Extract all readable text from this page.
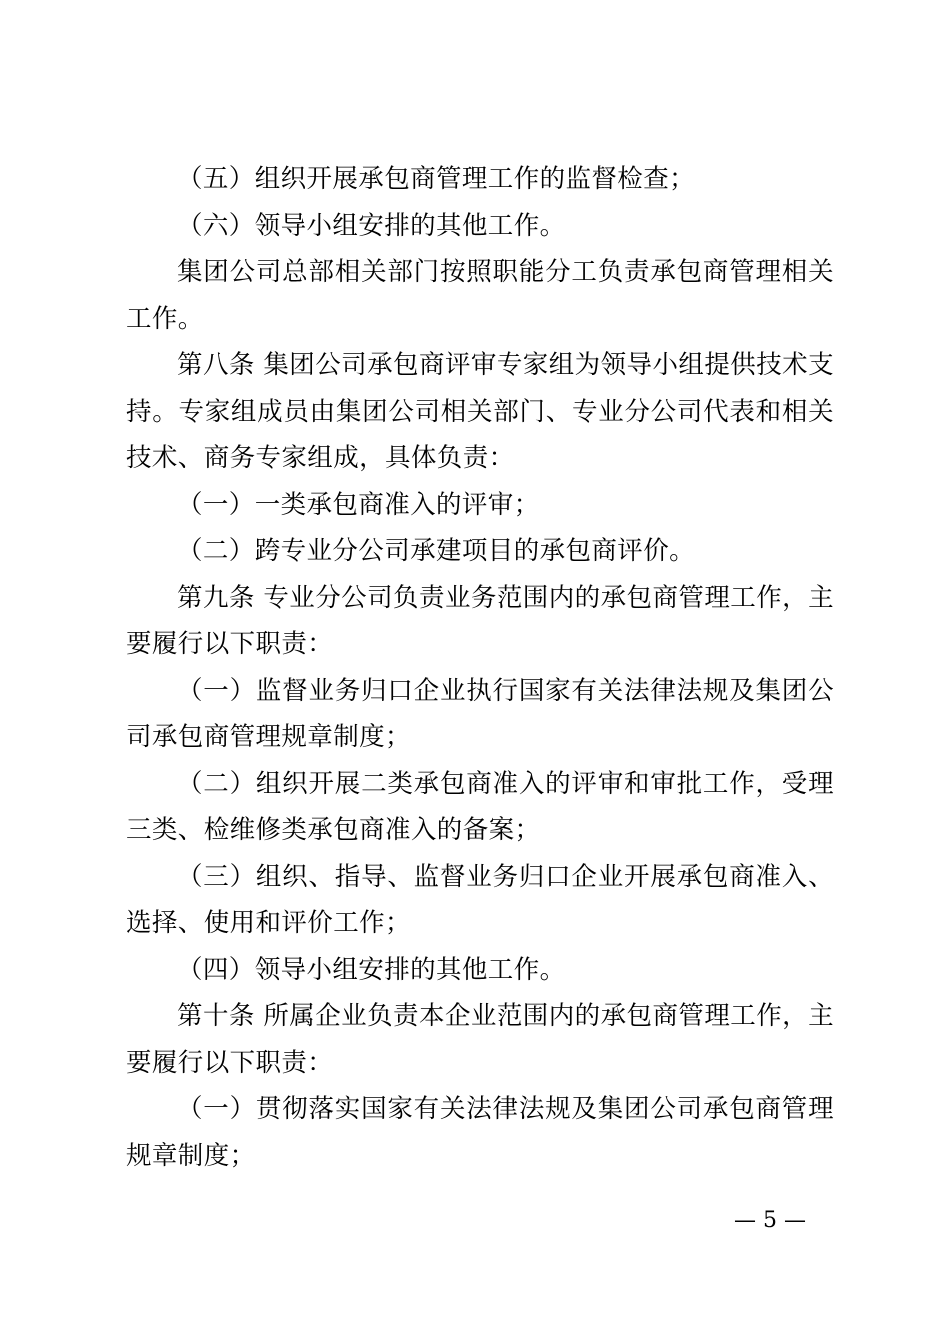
（五）组织开展承包商管理工作的监督检查；

（六）领导小组安排的其他工作。

集团公司总部相关部门按照职能分工负责承包商管理相关工作。

第八条 集团公司承包商评审专家组为领导小组提供技术支持。专家组成员由集团公司相关部门、专业分公司代表和相关技术、商务专家组成，具体负责：

（一）一类承包商准入的评审；

（二）跨专业分公司承建项目的承包商评价。

第九条 专业分公司负责业务范围内的承包商管理工作，主要履行以下职责：

（一）监督业务归口企业执行国家有关法律法规及集团公司承包商管理规章制度；

（二）组织开展二类承包商准入的评审和审批工作，受理三类、检维修类承包商准入的备案；

（三）组织、指导、监督业务归口企业开展承包商准入、选择、使用和评价工作；

（四）领导小组安排的其他工作。

第十条 所属企业负责本企业范围内的承包商管理工作，主要履行以下职责：

（一）贯彻落实国家有关法律法规及集团公司承包商管理规章制度；

— 5 —
